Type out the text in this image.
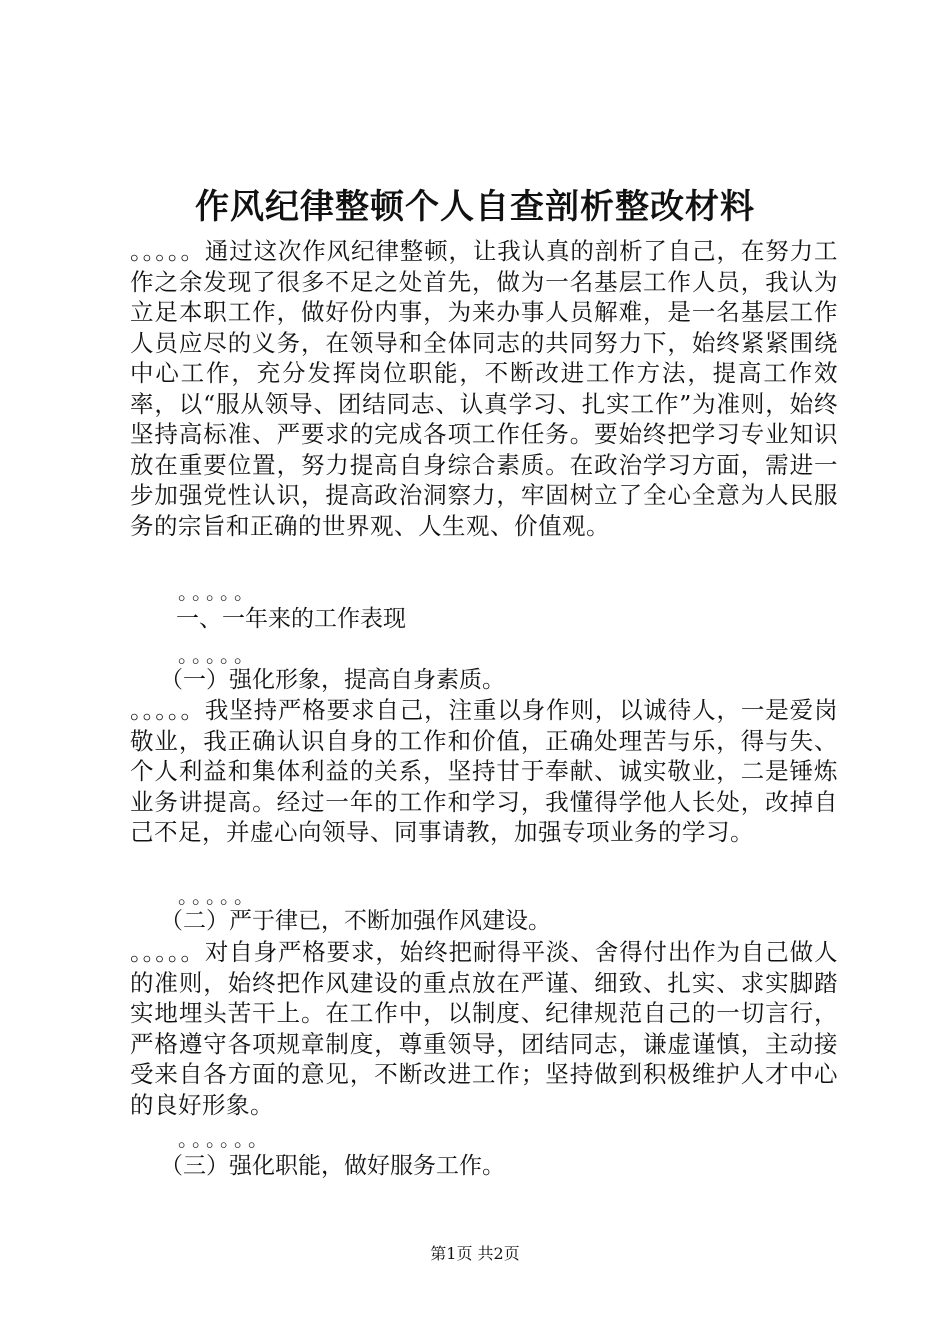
作风纪律整顿个人自查剖析整改材料
。。。。。通过这次作风纪律整顿，让我认真的剖析了自己，在努力工作之余发现了很多不足之处首先，做为一名基层工作人员，我认为立足本职工作，做好份内事，为来办事人员解难，是一名基层工作人员应尽的义务，在领导和全体同志的共同努力下，始终紧紧围绕中心工作，充分发挥岗位职能，不断改进工作方法，提高工作效率，以“服从领导、团结同志、认真学习、扎实工作”为准则，始终坚持高标准、严要求的完成各项工作任务。要始终把学习专业知识放在重要位置，努力提高自身综合素质。在政治学习方面，需进一步加强党性认识，提高政治洞察力，牢固树立了全心全意为人民服务的宗旨和正确的世界观、人生观、价值观。
。。。。。
一、一年来的工作表现
。。。。。
（一）强化形象，提高自身素质。
。。。。。我坚持严格要求自己，注重以身作则，以诚待人，一是爱岗敬业，我正确认识自身的工作和价值，正确处理苦与乐，得与失、个人利益和集体利益的关系，坚持甘于奉献、诚实敬业，二是锤炼业务讲提高。经过一年的工作和学习，我懂得学他人长处，改掉自己不足，并虚心向领导、同事请教，加强专项业务的学习。
。。。。。
（二）严于律已，不断加强作风建设。
。。。。。对自身严格要求，始终把耐得平淡、舍得付出作为自己做人的准则，始终把作风建设的重点放在严谨、细致、扎实、求实脚踏实地埋头苦干上。在工作中，以制度、纪律规范自己的一切言行，严格遵守各项规章制度，尊重领导，团结同志，谦虚谨慎，主动接受来自各方面的意见，不断改进工作；坚持做到积极维护人才中心的良好形象。
。。。。。。
（三）强化职能，做好服务工作。
第1页 共2页
